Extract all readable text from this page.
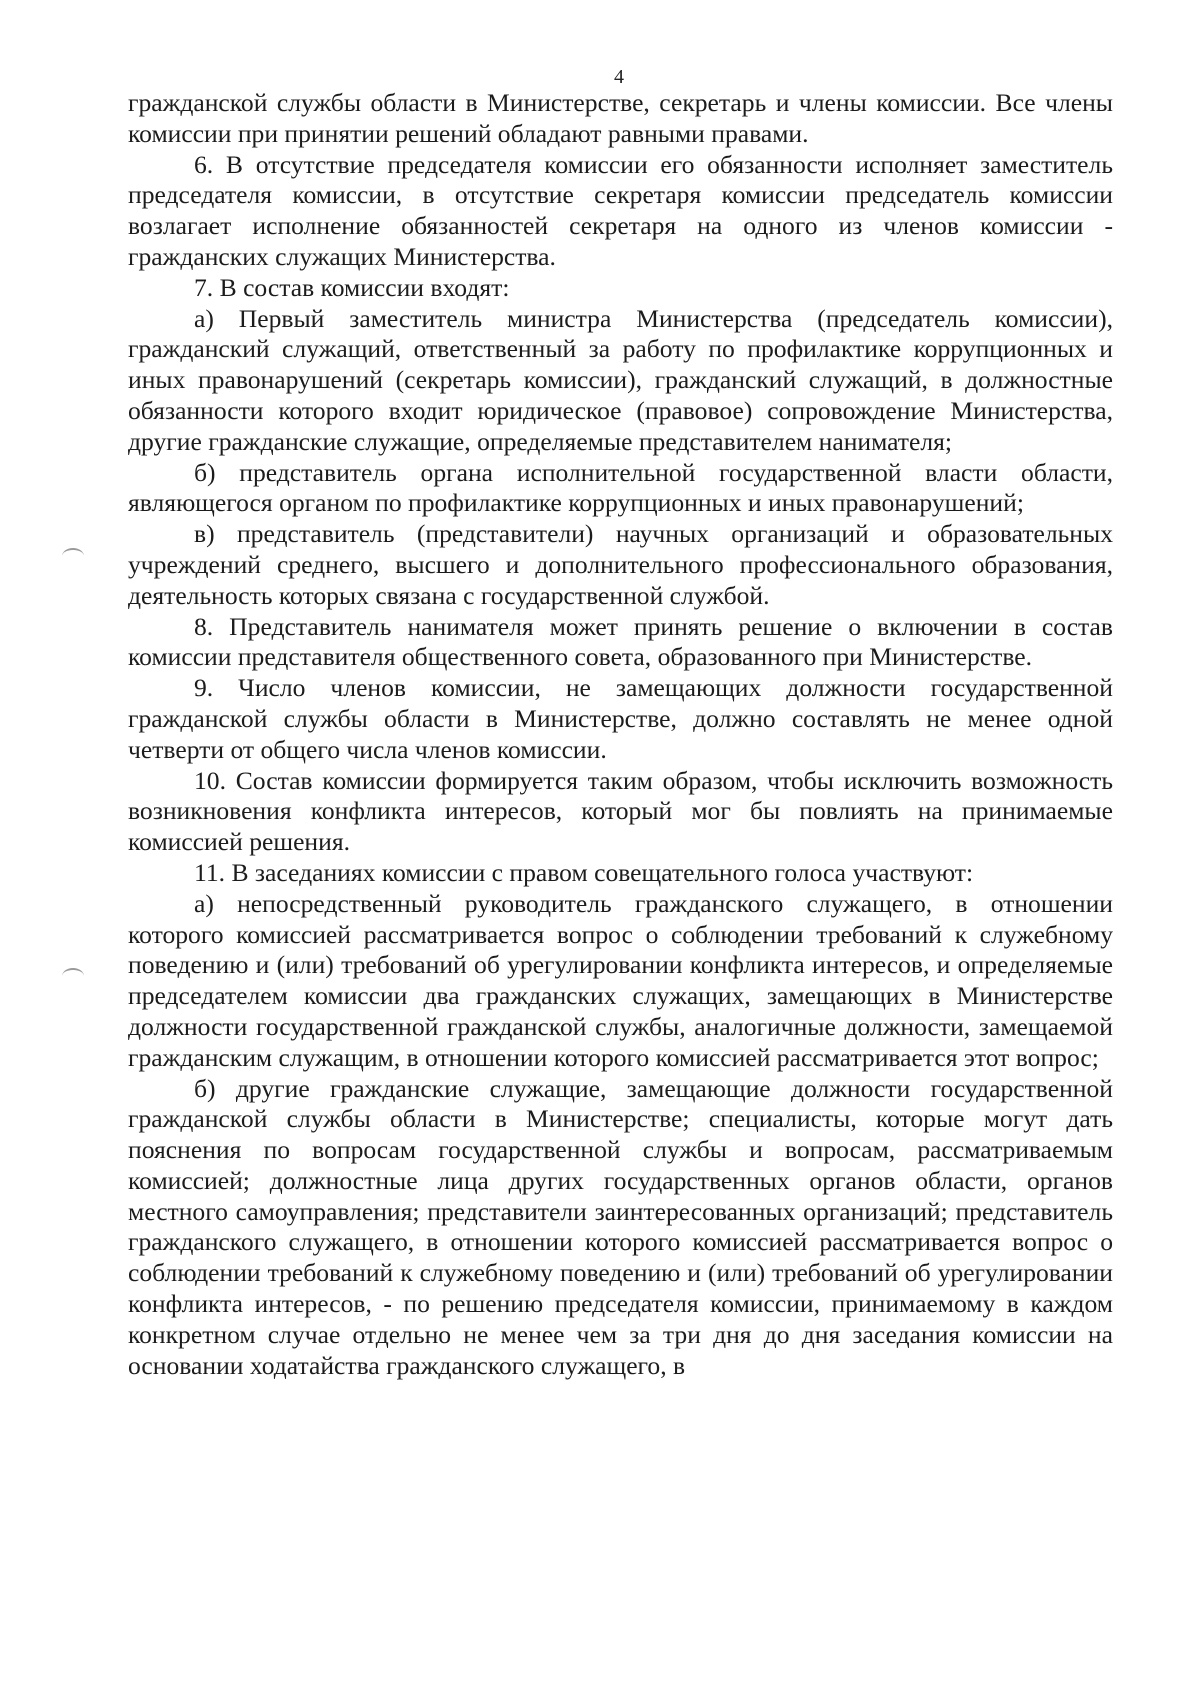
4

гражданской службы области в Министерстве, секретарь и члены комиссии. Все члены комиссии при принятии решений обладают равными правами.

6. В отсутствие председателя комиссии его обязанности исполняет заместитель председателя комиссии, в отсутствие секретаря комиссии председатель комиссии возлагает исполнение обязанностей секретаря на одного из членов комиссии - гражданских служащих Министерства.

7. В состав комиссии входят:

а) Первый заместитель министра Министерства (председатель комиссии), гражданский служащий, ответственный за работу по профилактике коррупционных и иных правонарушений (секретарь комиссии), гражданский служащий, в должностные обязанности которого входит юридическое (правовое) сопровождение Министерства, другие гражданские служащие, определяемые представителем нанимателя;

б) представитель органа исполнительной государственной власти области, являющегося органом по профилактике коррупционных и иных правонарушений;

в) представитель (представители) научных организаций и образовательных учреждений среднего, высшего и дополнительного профессионального образования, деятельность которых связана с государственной службой.

8. Представитель нанимателя может принять решение о включении в состав комиссии представителя общественного совета, образованного при Министерстве.

9. Число членов комиссии, не замещающих должности государственной гражданской службы области в Министерстве, должно составлять не менее одной четверти от общего числа членов комиссии.

10. Состав комиссии формируется таким образом, чтобы исключить возможность возникновения конфликта интересов, который мог бы повлиять на принимаемые комиссией решения.

11. В заседаниях комиссии с правом совещательного голоса участвуют:

а) непосредственный руководитель гражданского служащего, в отношении которого комиссией рассматривается вопрос о соблюдении требований к служебному поведению и (или) требований об урегулировании конфликта интересов, и определяемые председателем комиссии два гражданских служащих, замещающих в Министерстве должности государственной гражданской службы, аналогичные должности, замещаемой гражданским служащим, в отношении которого комиссией рассматривается этот вопрос;

б) другие гражданские служащие, замещающие должности государственной гражданской службы области в Министерстве; специалисты, которые могут дать пояснения по вопросам государственной службы и вопросам, рассматриваемым комиссией; должностные лица других государственных органов области, органов местного самоуправления; представители заинтересованных организаций; представитель гражданского служащего, в отношении которого комиссией рассматривается вопрос о соблюдении требований к служебному поведению и (или) требований об урегулировании конфликта интересов, - по решению председателя комиссии, принимаемому в каждом конкретном случае отдельно не менее чем за три дня до дня заседания комиссии на основании ходатайства гражданского служащего, в
